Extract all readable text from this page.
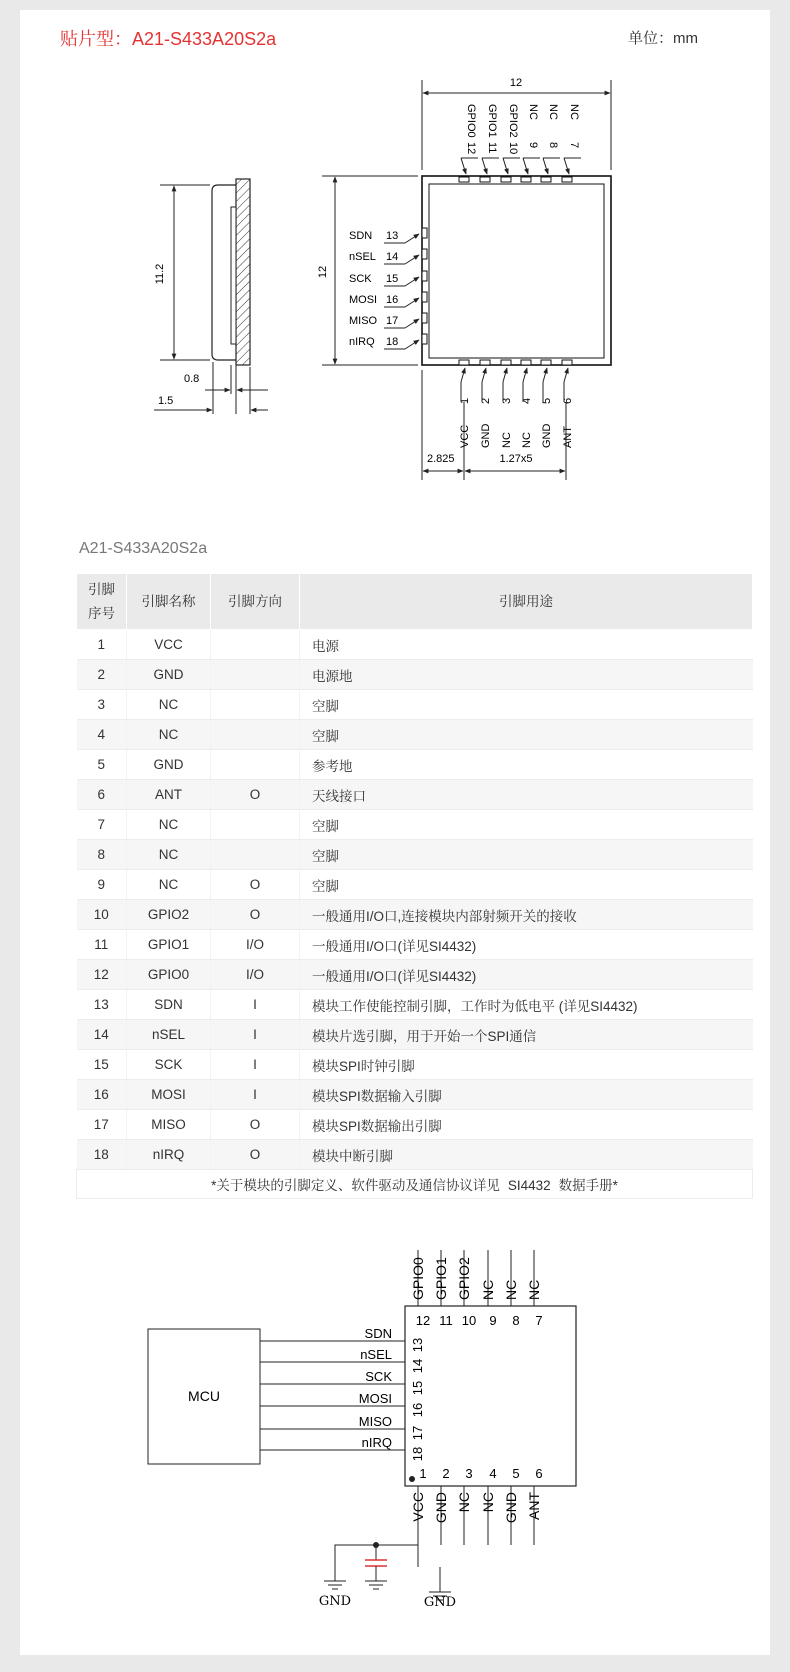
贴片型：A21-S433A20S2a	单位：mm
11.2
0.8
1.5
12
12
2.825	1.27x5
GPIO0
12
GPIO1
11
GPIO2
10
NC
9
NC
8
NC
7
1
VCC
2
GND
3
NC
4
NC
5
GND
6
ANT
SDN 13
nSEL 14
SCK 15
MOSI 16
MISO 17
nIRQ 18
A21-S433A20S2a
引脚
序号	引脚名称	引脚方向	引脚用途
1	VCC		电源
2	GND		电源地
3	NC		空脚
4	NC		空脚
5	GND		参考地
6	ANT	O	天线接口
7	NC		空脚
8	NC		空脚
9	NC	O	空脚
10	GPIO2	O	一般通用I/O口,连接模块内部射频开关的接收
11	GPIO1	I/O	一般通用I/O口(详见SI4432)
12	GPIO0	I/O	一般通用I/O口(详见SI4432)
13	SDN	I	模块工作使能控制引脚，工作时为低电平 (详见SI4432)
14	nSEL	I	模块片选引脚，用于开始一个SPI通信
15	SCK	I	模块SPI时钟引脚
16	MOSI	I	模块SPI数据输入引脚
17	MISO	O	模块SPI数据输出引脚
18	nIRQ	O	模块中断引脚
*关于模块的引脚定义、软件驱动及通信协议详见 SI4432 数据手册*			
MCU
GPIO0
12
GPIO1
11
GPIO2
10
NC
9
NC
8
NC
7
1
VCC
2
GND
3
NC
4
NC
5
GND
6
ANT
SDN
13
nSEL
14
SCK
15
MOSI
16
MISO
17
nIRQ
18
GND	GND
